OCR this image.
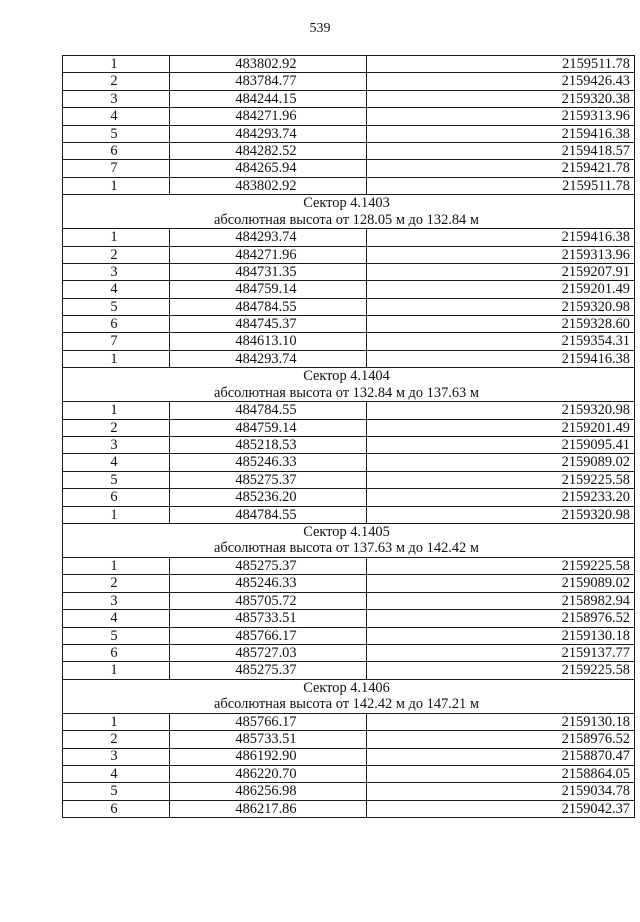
539
1	483802.92	2159511.78
2	483784.77	2159426.43
3	484244.15	2159320.38
4	484271.96	2159313.96
5	484293.74	2159416.38
6	484282.52	2159418.57
7	484265.94	2159421.78
1	483802.92	2159511.78

Сектор 4.1403
абсолютная высота от 128.05 м до 132.84 м		

1	484293.74	2159416.38
2	484271.96	2159313.96
3	484731.35	2159207.91
4	484759.14	2159201.49
5	484784.55	2159320.98
6	484745.37	2159328.60
7	484613.10	2159354.31
1	484293.74	2159416.38

Сектор 4.1404
абсолютная высота от 132.84 м до 137.63 м		

1	484784.55	2159320.98
2	484759.14	2159201.49
3	485218.53	2159095.41
4	485246.33	2159089.02
5	485275.37	2159225.58
6	485236.20	2159233.20
1	484784.55	2159320.98

Сектор 4.1405
абсолютная высота от 137.63 м до 142.42 м		

1	485275.37	2159225.58
2	485246.33	2159089.02
3	485705.72	2158982.94
4	485733.51	2158976.52
5	485766.17	2159130.18
6	485727.03	2159137.77
1	485275.37	2159225.58

Сектор 4.1406
абсолютная высота от 142.42 м до 147.21 м		

1	485766.17	2159130.18
2	485733.51	2158976.52
3	486192.90	2158870.47
4	486220.70	2158864.05
5	486256.98	2159034.78
6	486217.86	2159042.37
